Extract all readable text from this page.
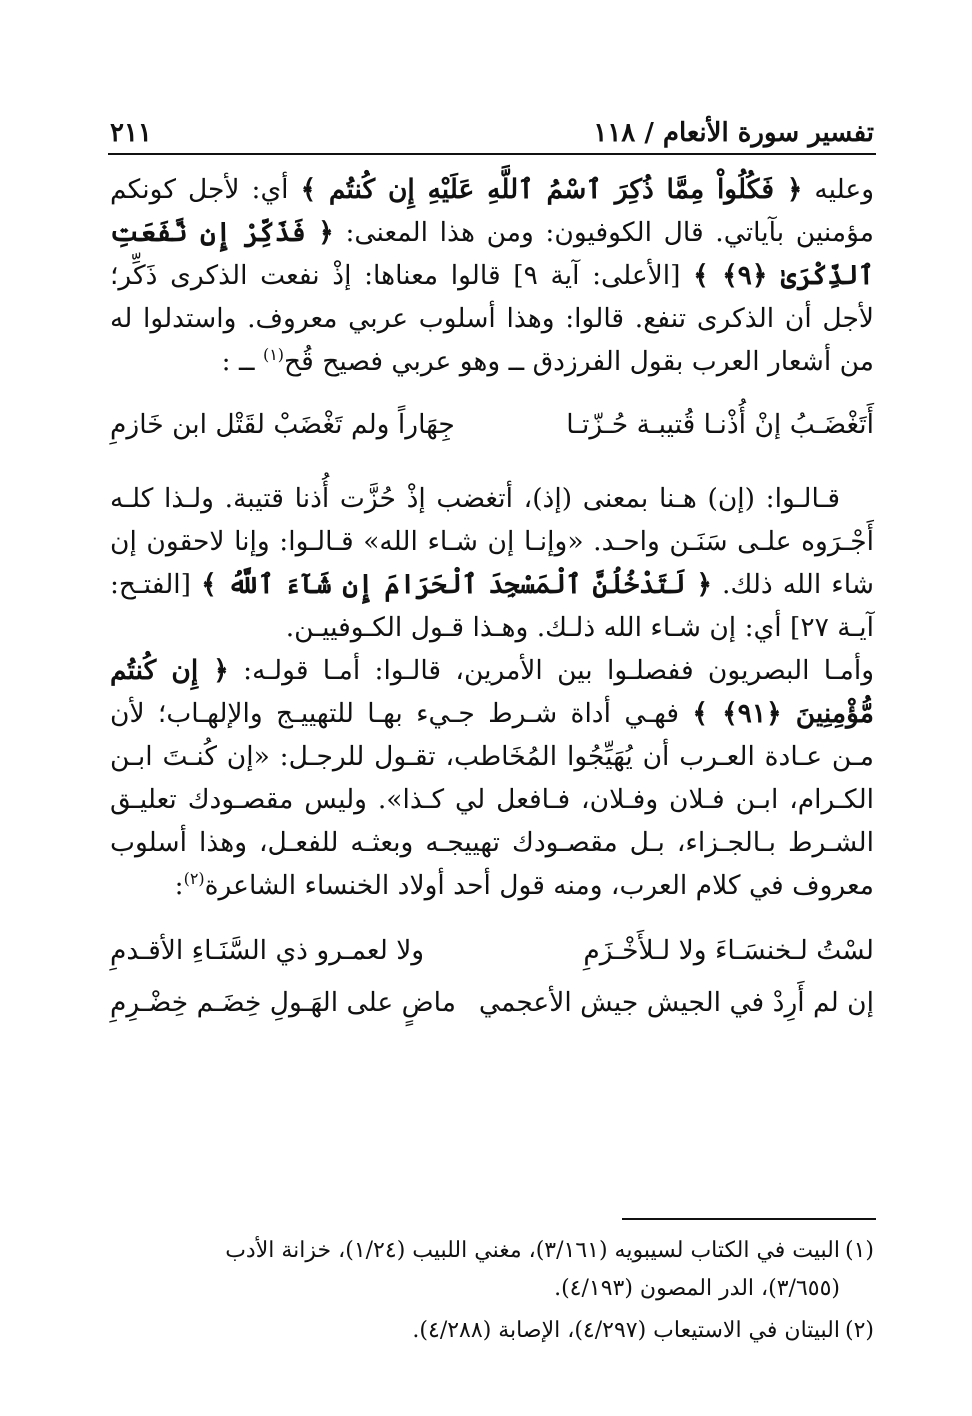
تفسير سورة الأنعام / ١١٨
٢١١

وعليه ﴿ فَكُلُواْ مِمَّا ذُكِرَ ٱسْمُ ٱللَّهِ عَلَيْهِ إِن كُنتُم ﴾ أي: لأجل كونكم مؤمنين بآياتي. قال الكوفيون: ومن هذا المعنى: ﴿ فَذَكِّرْ إِن نَّفَعَتِ ٱلذِّكْرَىٰ ﴿٩﴾ ﴾ [الأعلى: آية ٩] قالوا معناها: إذْ نفعت الذكرى ذَكِّر؛ لأجل أن الذكرى تنفع. قالوا: وهذا أسلوب عربي معروف. واستدلوا له من أشعار العرب بقول الفرزدق ــ وهو عربي فصيح قُح$^{(١)}$ ــ :

أَتَغْضَـبُ إنْ أُذْنـا قُتيبـة حُـزّتـا
جِهَاراً ولم تَغْضَبْ لقَتْل ابن خَازمِ

قـالـوا: (إن) هـنا بمعنى (إذ)، أتغضب إذْ حُزَّت أُذنا قتيبة. ولـذا كلـه أَجْـرَوه علـى سَنَـن واحـد. «وإنـا إن شـاء الله» قـالـوا: وإنا لاحقون إن شاء الله ذلك. ﴿ لَتَدْخُلُنَّ ٱلْمَسْجِدَ ٱلْحَرَامَ إِن شَآءَ ٱللَّهُ ﴾ [الفتـح: آيـة ٢٧] أي: إن شـاء الله ذلـك. وهـذا قـول الكـوفييـن.

وأمـا البصريون ففصلـوا بين الأمرين، قالـوا: أمـا قولـه: ﴿ إِن كُنتُم مُّؤْمِنِينَ ﴿٩١﴾ ﴾ فهـي أداة شـرط جـيء بهـا للتهييـج والإلهـاب؛ لأن مـن عـادة العـرب أن يُهَيِّجُوا المُخَاطب، تقـول للرجـل: «إن كُنـتَ ابـن الكـرام، ابـن فـلان وفـلان، فـافعل لي كـذا». وليس مقصـودك تعليـق الشـرط بـالجـزاء، بـل مقصـودك تهييجـه وبعثـه للفعـل، وهذا أسلوب معروف في كلام العرب، ومنه قول أحد أولاد الخنساء الشاعرة$^{(٢)}$:

لسْتُ لـخنسَـاءَ ولا لـلأَخْـزَمِ
ولا لعمـرو ذي السَّنَـاءِ الأقـدمِ
إن لم أَرِدْ في الجيش جيش الأعجمي
ماضٍ على الهَـولِ خِضَـم خِضْـرِمِ
(١)البيت في الكتاب لسيبويه (٣/١٦١)، مغني اللبيب (١/٢٤)، خزانة الأدب
(٣/٦٥٥)، الدر المصون (٤/١٩٣).
(٢)البيتان في الاستيعاب (٤/٢٩٧)، الإصابة (٤/٢٨٨).
